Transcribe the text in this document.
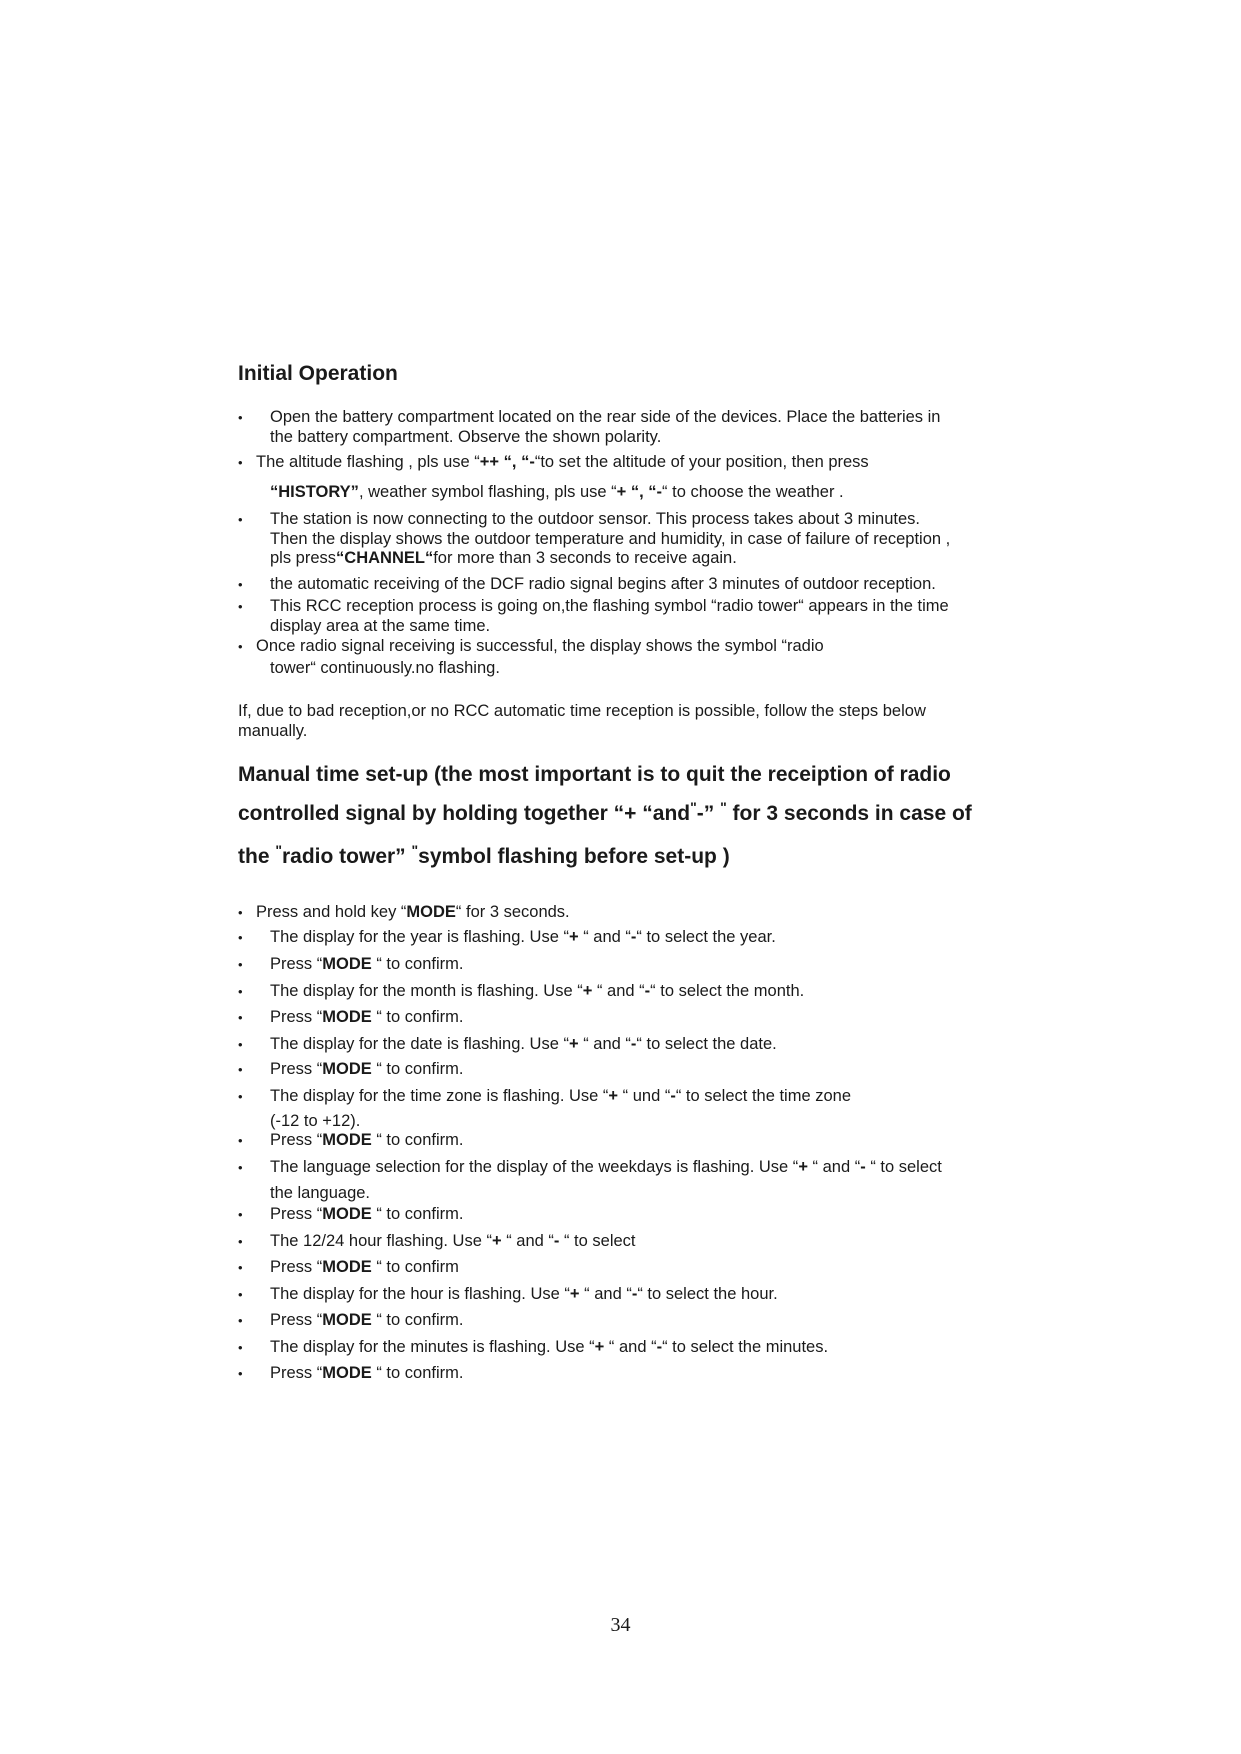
Initial Operation
•	Open the battery compartment located on the rear side of the devices. Place the batteries in
the battery compartment. Observe the shown polarity.
• The altitude flashing , pls use “++ “, “-“to set the altitude of your position, then press
“HISTORY”, weather symbol flashing, pls use “+ “, “-“ to choose the weather .
•	The station is now connecting to the outdoor sensor. This process takes about 3 minutes.
Then the display shows the outdoor temperature and humidity, in case of failure of reception ,
pls press“CHANNEL“for more than 3 seconds to receive again.
•	the automatic receiving of the DCF radio signal begins after 3 minutes of outdoor reception.
•	This RCC reception process is going on,the flashing symbol “radio tower“ appears in the time
display area at the same time.
• Once radio signal receiving is successful, the display shows the symbol “radio
tower“ continuously.no flashing.

If, due to bad reception,or no RCC automatic time reception is possible, follow the steps below
manually.

Manual time set-up (the most important is to quit the receiption of radio
controlled signal by holding together “+ “and"-” " for 3 seconds in case of
the "radio tower” "symbol flashing before set-up )
• Press and hold key “MODE“ for 3 seconds.
•	The display for the year is flashing. Use “+ “ and “-“ to select the year.
•	Press “MODE “ to confirm.
•	The display for the month is flashing. Use “+ “ and “-“ to select the month.
•	Press “MODE “ to confirm.
•	The display for the date is flashing. Use “+ “ and “-“ to select the date.
•	Press “MODE “ to confirm.
•	The display for the time zone is flashing. Use “+ “ und “-“ to select the time zone
(-12 to +12).
•	Press “MODE “ to confirm.
•	The language selection for the display of the weekdays is flashing. Use “+ “ and “- “ to select
the language.
•	Press “MODE “ to confirm.
•	The 12/24 hour flashing. Use “+ “ and “- “ to select
•	Press “MODE “ to confirm
•	The display for the hour is flashing. Use “+ “ and “-“ to select the hour.
•	Press “MODE “ to confirm.
•	The display for the minutes is flashing. Use “+ “ and “-“ to select the minutes.
•	Press “MODE “ to confirm.
34
